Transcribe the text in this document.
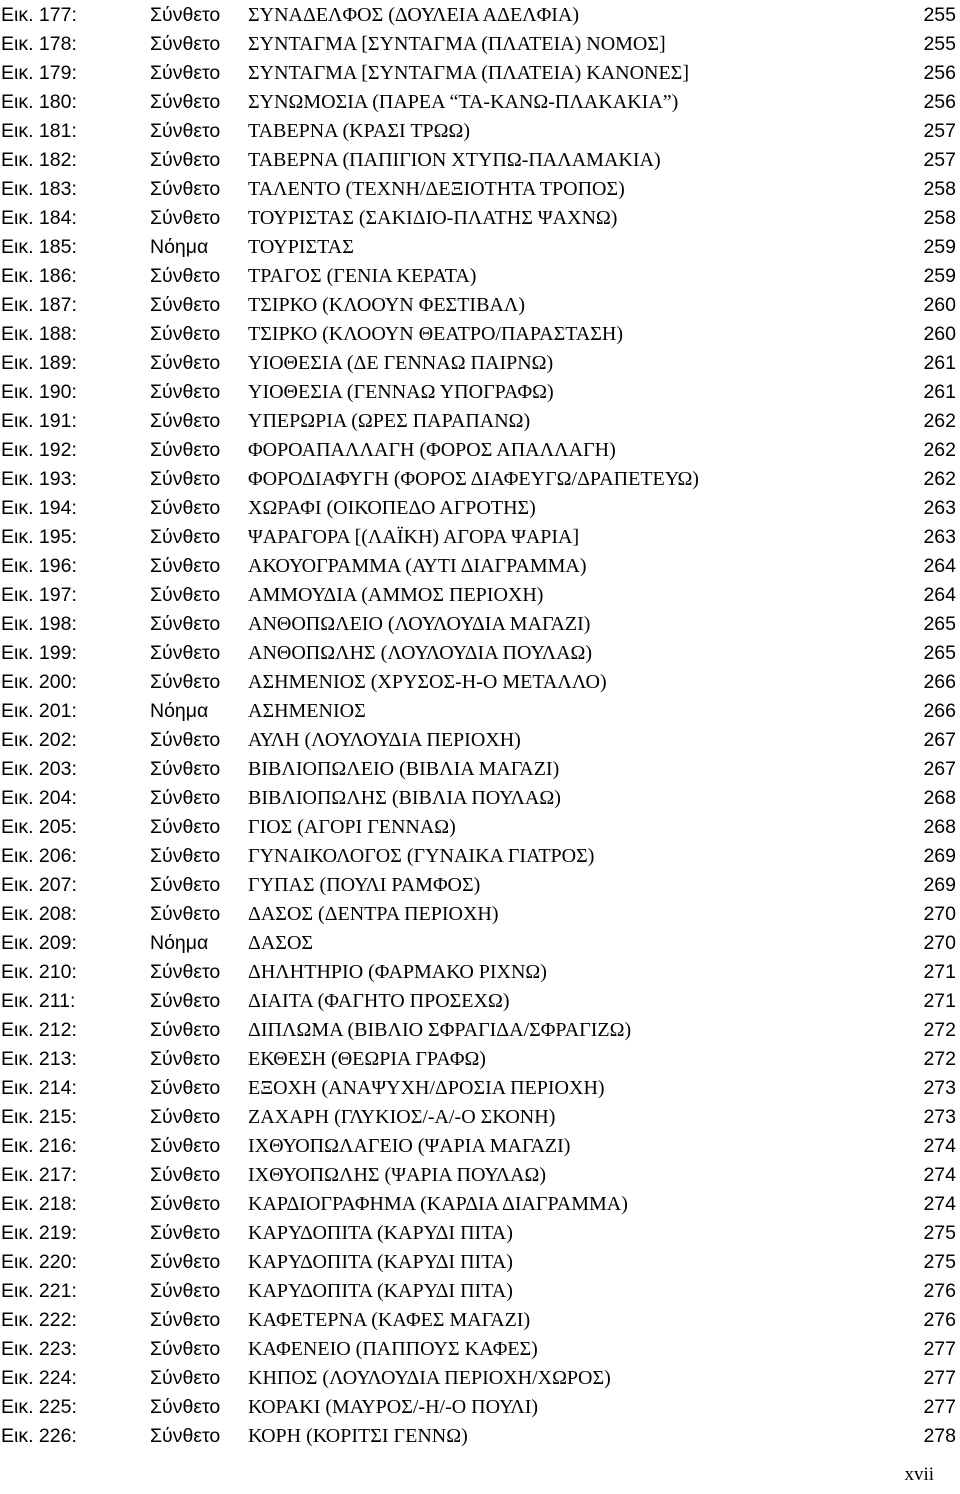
Εικ. 177:	Σύνθετο ΣΥΝΑΔΕΛΦΟΣ (ΔΟΥΛΕΙΑ ΑΔΕΛΦΙΑ)	255
Εικ. 178:	Σύνθετο ΣΥΝΤΑΓΜΑ [ΣΥΝΤΑΓΜΑ (ΠΛΑΤΕΙΑ) ΝΟΜΟΣ]	255
Εικ. 179:	Σύνθετο ΣΥΝΤΑΓΜΑ [ΣΥΝΤΑΓΜΑ (ΠΛΑΤΕΙΑ) ΚΑΝΟΝΕΣ]	256
Εικ. 180:	Σύνθετο ΣΥΝΩΜΟΣΙΑ (ΠΑΡΕΑ “ΤΑ-ΚΑΝΩ-ΠΛΑΚΑΚΙΑ”)	256
Εικ. 181:	Σύνθετο ΤΑΒΕΡΝΑ (ΚΡΑΣΙ ΤΡΩΩ)	257
Εικ. 182:	Σύνθετο ΤΑΒΕΡΝΑ (ΠΑΠΙΓΙΟΝ ΧΤΥΠΩ-ΠΑΛΑΜΑΚΙΑ)	257
Εικ. 183:	Σύνθετο ΤΑΛΕΝΤΟ (ΤΕΧΝΗ/ΔΕΞΙΟΤΗΤΑ ΤΡΟΠΟΣ)	258
Εικ. 184:	Σύνθετο ΤΟΥΡΙΣΤΑΣ (ΣΑΚΙΔΙΟ-ΠΛΑΤΗΣ ΨΑΧΝΩ)	258
Εικ. 185:	Νόημα ΤΟΥΡΙΣΤΑΣ	259
Εικ. 186:	Σύνθετο ΤΡΑΓΟΣ (ΓΕΝΙΑ ΚΕΡΑΤΑ)	259
Εικ. 187:	Σύνθετο ΤΣΙΡΚΟ (ΚΛΟΟΥΝ ΦΕΣΤΙΒΑΛ)	260
Εικ. 188:	Σύνθετο ΤΣΙΡΚΟ (ΚΛΟΟΥΝ ΘΕΑΤΡΟ/ΠΑΡΑΣΤΑΣΗ)	260
Εικ. 189:	Σύνθετο ΥΙΟΘΕΣΙΑ (ΔΕ ΓΕΝΝΑΩ ΠΑΙΡΝΩ)	261
Εικ. 190:	Σύνθετο ΥΙΟΘΕΣΙΑ (ΓΕΝΝΑΩ ΥΠΟΓΡΑΦΩ)	261
Εικ. 191:	Σύνθετο ΥΠΕΡΩΡΙΑ (ΩΡΕΣ ΠΑΡΑΠΑΝΩ)	262
Εικ. 192:	Σύνθετο ΦΟΡΟΑΠΑΛΛΑΓΗ (ΦΟΡΟΣ ΑΠΑΛΛΑΓΗ)	262
Εικ. 193:	Σύνθετο ΦΟΡΟΔΙΑΦΥΓΗ (ΦΟΡΟΣ ΔΙΑΦΕΥΓΩ/ΔΡΑΠΕΤΕΥΩ)	262
Εικ. 194:	Σύνθετο ΧΩΡΑΦΙ (ΟΙΚΟΠΕΔΟ ΑΓΡΟΤΗΣ)	263
Εικ. 195:	Σύνθετο ΨΑΡΑΓΟΡΑ [(ΛΑΪΚΗ) ΑΓΟΡΑ ΨΑΡΙΑ]	263
Εικ. 196:	Σύνθετο ΑΚΟΥΟΓΡΑΜΜΑ (ΑΥΤΙ ΔΙΑΓΡΑΜΜΑ)	264
Εικ. 197:	Σύνθετο ΑΜΜΟΥΔΙΑ (ΑΜΜΟΣ ΠΕΡΙΟΧΗ)	264
Εικ. 198:	Σύνθετο ΑΝΘΟΠΩΛΕΙΟ (ΛΟΥΛΟΥΔΙΑ ΜΑΓΑΖΙ)	265
Εικ. 199:	Σύνθετο ΑΝΘΟΠΩΛΗΣ (ΛΟΥΛΟΥΔΙΑ ΠΟΥΛΑΩ)	265
Εικ. 200:	Σύνθετο ΑΣΗΜΕΝΙΟΣ (ΧΡΥΣΟΣ-Η-Ο ΜΕΤΑΛΛΟ)	266
Εικ. 201:	Νόημα ΑΣΗΜΕΝΙΟΣ	266
Εικ. 202:	Σύνθετο ΑΥΛΗ (ΛΟΥΛΟΥΔΙΑ ΠΕΡΙΟΧΗ)	267
Εικ. 203:	Σύνθετο ΒΙΒΛΙΟΠΩΛΕΙΟ (ΒΙΒΛΙΑ ΜΑΓΑΖΙ)	267
Εικ. 204:	Σύνθετο ΒΙΒΛΙΟΠΩΛΗΣ (ΒΙΒΛΙΑ ΠΟΥΛΑΩ)	268
Εικ. 205:	Σύνθετο ΓΙΟΣ (ΑΓΟΡΙ ΓΕΝΝΑΩ)	268
Εικ. 206:	Σύνθετο ΓΥΝΑΙΚΟΛΟΓΟΣ (ΓΥΝΑΙΚΑ ΓΙΑΤΡΟΣ)	269
Εικ. 207:	Σύνθετο ΓΥΠΑΣ (ΠΟΥΛΙ ΡΑΜΦΟΣ)	269
Εικ. 208:	Σύνθετο ΔΑΣΟΣ (ΔΕΝΤΡΑ ΠΕΡΙΟΧΗ)	270
Εικ. 209:	Νόημα ΔΑΣΟΣ	270
Εικ. 210:	Σύνθετο ΔΗΛΗΤΗΡΙΟ (ΦΑΡΜΑΚΟ ΡΙΧΝΩ)	271
Εικ. 211:	Σύνθετο ΔΙΑΙΤΑ (ΦΑΓΗΤΟ ΠΡΟΣΕΧΩ)	271
Εικ. 212:	Σύνθετο ΔΙΠΛΩΜΑ (ΒΙΒΛΙΟ ΣΦΡΑΓΙΔΑ/ΣΦΡΑΓΙΖΩ)	272
Εικ. 213:	Σύνθετο ΕΚΘΕΣΗ (ΘΕΩΡΙΑ ΓΡΑΦΩ)	272
Εικ. 214:	Σύνθετο ΕΞΟΧΗ (ΑΝΑΨΥΧΗ/ΔΡΟΣΙΑ ΠΕΡΙΟΧΗ)	273
Εικ. 215:	Σύνθετο ΖΑΧΑΡΗ (ΓΛΥΚΙΟΣ/-Α/-Ο ΣΚΟΝΗ)	273
Εικ. 216:	Σύνθετο ΙΧΘΥΟΠΩΛΑΓΕΙΟ (ΨΑΡΙΑ ΜΑΓΑΖΙ)	274
Εικ. 217:	Σύνθετο ΙΧΘΥΟΠΩΛΗΣ (ΨΑΡΙΑ ΠΟΥΛΑΩ)	274
Εικ. 218:	Σύνθετο ΚΑΡΔΙΟΓΡΑΦΗΜΑ (ΚΑΡΔΙΑ ΔΙΑΓΡΑΜΜΑ)	274
Εικ. 219:	Σύνθετο ΚΑΡΥΔΟΠΙΤΑ (ΚΑΡΥΔΙ ΠΙΤΑ)	275
Εικ. 220:	Σύνθετο ΚΑΡΥΔΟΠΙΤΑ (ΚΑΡΥΔΙ ΠΙΤΑ)	275
Εικ. 221:	Σύνθετο ΚΑΡΥΔΟΠΙΤΑ (ΚΑΡΥΔΙ ΠΙΤΑ)	276
Εικ. 222:	Σύνθετο ΚΑΦΕΤΕΡΝΑ (ΚΑΦΕΣ ΜΑΓΑΖΙ)	276
Εικ. 223:	Σύνθετο ΚΑΦΕΝΕΙΟ (ΠΑΠΠΟΥΣ ΚΑΦΕΣ)	277
Εικ. 224:	Σύνθετο ΚΗΠΟΣ (ΛΟΥΛΟΥΔΙΑ ΠΕΡΙΟΧΗ/ΧΩΡΟΣ)	277
Εικ. 225:	Σύνθετο ΚΟΡΑΚΙ (ΜΑΥΡΟΣ/-Η/-Ο ΠΟΥΛΙ)	277
Εικ. 226:	Σύνθετο ΚΟΡΗ (ΚΟΡΙΤΣΙ ΓΕΝΝΩ)	278
xvii
